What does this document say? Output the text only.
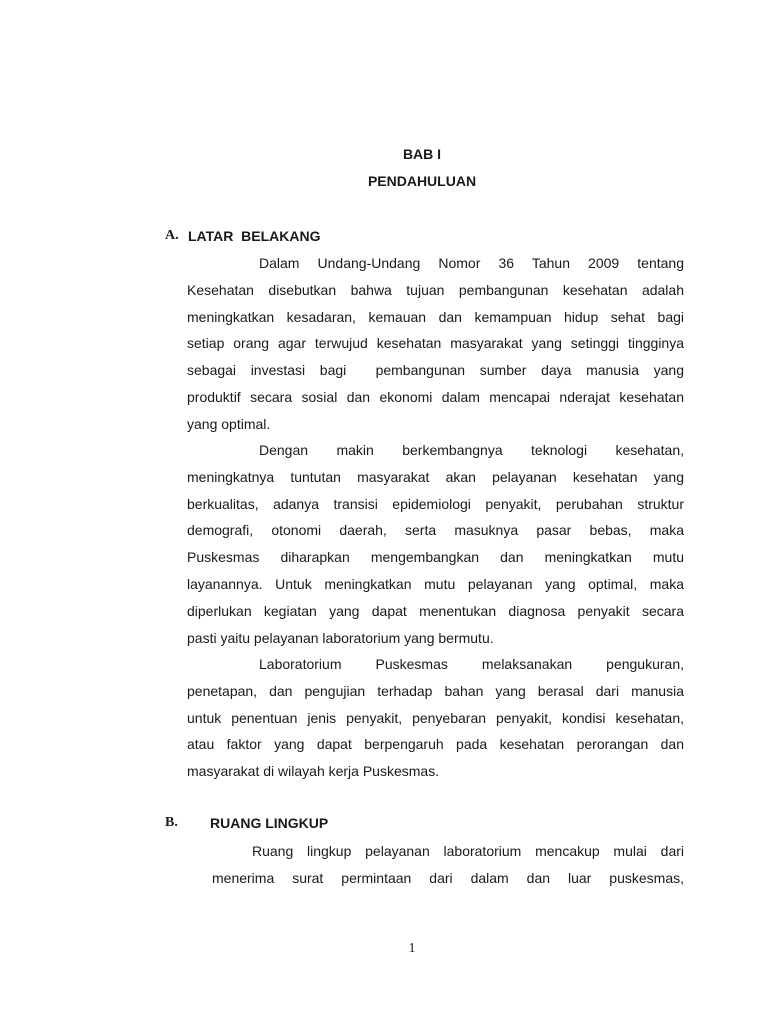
BAB I
PENDAHULUAN
A. LATAR  BELAKANG
Dalam Undang-Undang Nomor 36 Tahun 2009 tentang
Kesehatan disebutkan bahwa tujuan pembangunan kesehatan adalah
meningkatkan kesadaran, kemauan dan kemampuan hidup sehat bagi
setiap orang agar terwujud kesehatan masyarakat yang setinggi tingginya
sebagai investasi bagi  pembangunan sumber daya manusia yang
produktif secara sosial dan ekonomi dalam mencapai nderajat kesehatan
yang optimal.
Dengan makin berkembangnya teknologi kesehatan,
meningkatnya tuntutan masyarakat akan pelayanan kesehatan yang
berkualitas, adanya transisi epidemiologi penyakit, perubahan struktur
demografi, otonomi daerah, serta masuknya pasar bebas, maka
Puskesmas diharapkan mengembangkan dan meningkatkan mutu
layanannya. Untuk meningkatkan mutu pelayanan yang optimal, maka
diperlukan kegiatan yang dapat menentukan diagnosa penyakit secara
pasti yaitu pelayanan laboratorium yang bermutu.
Laboratorium Puskesmas melaksanakan pengukuran,
penetapan, dan pengujian terhadap bahan yang berasal dari manusia
untuk penentuan jenis penyakit, penyebaran penyakit, kondisi kesehatan,
atau faktor yang dapat berpengaruh pada kesehatan perorangan dan
masyarakat di wilayah kerja Puskesmas.
B. RUANG LINGKUP
Ruang lingkup pelayanan laboratorium mencakup mulai dari
menerima surat permintaan dari dalam dan luar puskesmas,
1
